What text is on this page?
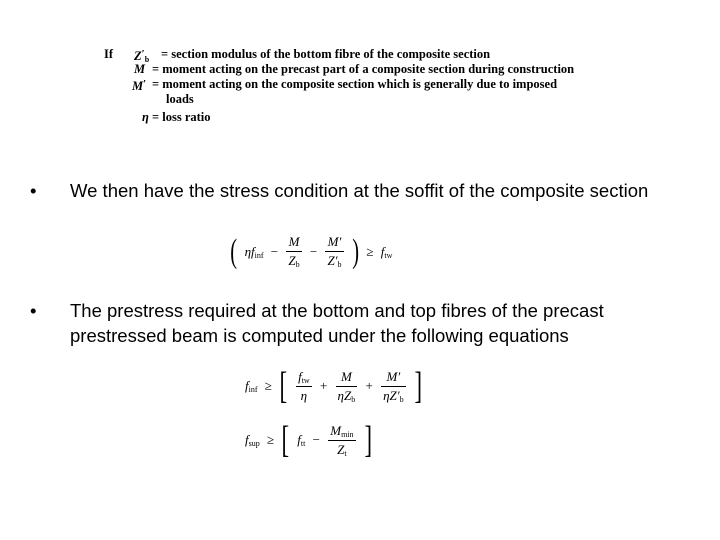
If $Z'_b$ = section modulus of the bottom fibre of the composite section
M = moment acting on the precast part of a composite section during construction
M′ = moment acting on the composite section which is generally due to imposed
loads
η = loss ratio
• We then have the stress condition at the soffit of the composite section
( $\eta f_{inf} - \frac{M}{Z_b} - \frac{M'}{Z'_b}$ ) ≥ $f_{tw}$
• The prestress required at the bottom and top fibres of the precast prestressed beam is computed under the following equations
$f_{inf}$ ≥ [ $\frac{f_{tw}}{\eta} + \frac{M}{\eta Z_b} + \frac{M'}{\eta Z'_b}$ ]
$f_{sup}$ ≥ [ $f_{tt} - \frac{M_{min}}{Z_t}$ ]
